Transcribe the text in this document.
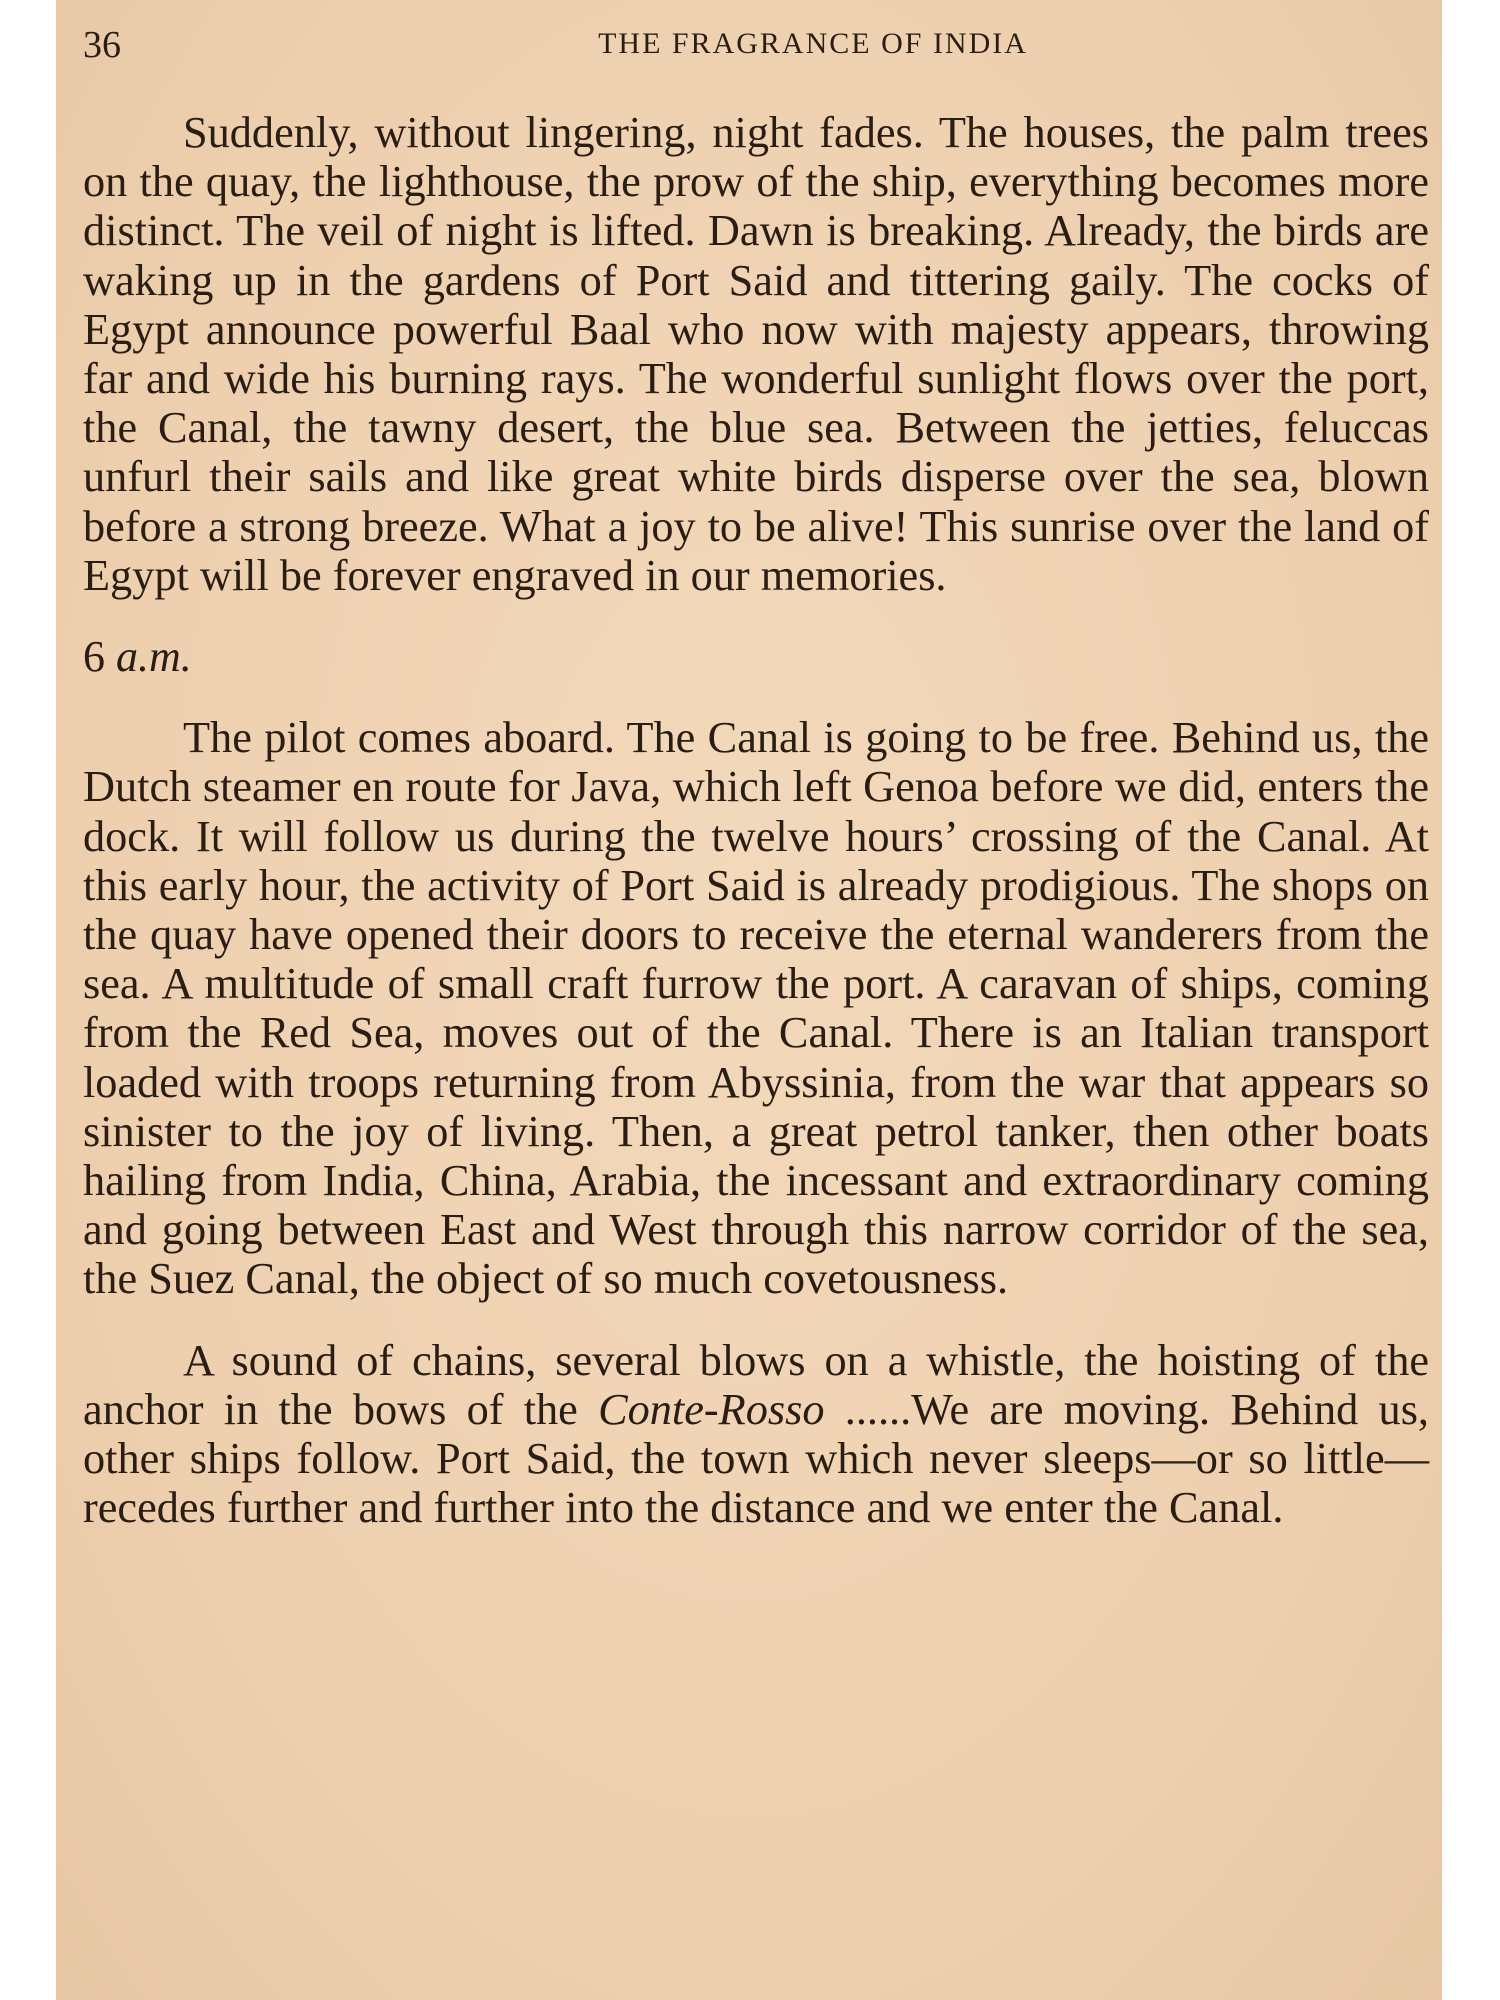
36	THE FRAGRANCE OF INDIA

Suddenly, without lingering, night fades. The houses, the palm trees on the quay, the lighthouse, the prow of the ship, everything becomes more distinct. The veil of night is lifted. Dawn is breaking. Already, the birds are waking up in the gardens of Port Said and tittering gaily. The cocks of Egypt announce powerful Baal who now with majesty appears, throwing far and wide his burning rays. The wonderful sunlight flows over the port, the Canal, the tawny desert, the blue sea. Between the jetties, feluccas unfurl their sails and like great white birds disperse over the sea, blown before a strong breeze. What a joy to be alive! This sunrise over the land of Egypt will be forever engraved in our memories.

6 a.m.

The pilot comes aboard. The Canal is going to be free. Behind us, the Dutch steamer en route for Java, which left Genoa before we did, enters the dock. It will follow us during the twelve hours’ crossing of the Canal. At this early hour, the activity of Port Said is already prodigious. The shops on the quay have opened their doors to receive the eternal wanderers from the sea. A multitude of small craft furrow the port. A caravan of ships, coming from the Red Sea, moves out of the Canal. There is an Italian transport loaded with troops returning from Abyssinia, from the war that appears so sinister to the joy of living. Then, a great petrol tanker, then other boats hailing from India, China, Arabia, the incessant and extraordinary coming and going between East and West through this narrow corridor of the sea, the Suez Canal, the object of so much covetousness.

A sound of chains, several blows on a whistle, the hoisting of the anchor in the bows of the Conte-Rosso ......We are moving. Behind us, other ships follow. Port Said, the town which never sleeps—or so little—recedes further and further into the distance and we enter the Canal.
